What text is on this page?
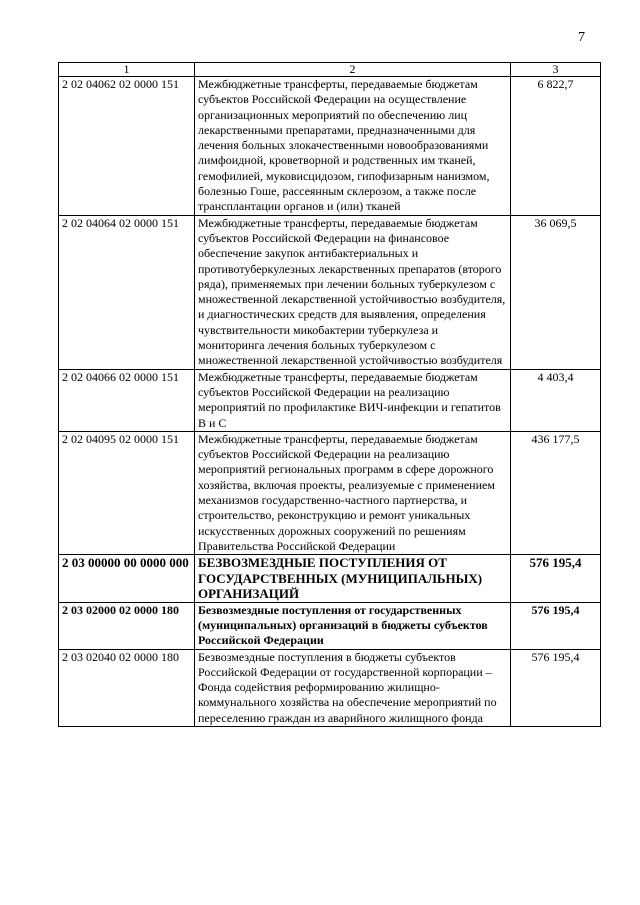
7
1	2	3
2 02 04062 02 0000 151	Межбюджетные трансферты, передаваемые бюджетам субъектов Российской Федерации на осуществление организационных мероприятий по обеспечению лиц лекарственными препаратами, предназначенными для лечения больных злокачественными новообразованиями лимфоидной, кроветворной и родственных им тканей, гемофилией, муковисцидозом, гипофизарным нанизмом, болезнью Гоше, рассеянным склерозом, а также после трансплантации органов и (или) тканей	6 822,7
2 02 04064 02 0000 151	Межбюджетные трансферты, передаваемые бюджетам субъектов Российской Федерации на финансовое обеспечение закупок антибактериальных и противотуберкулезных лекарственных препаратов (второго ряда), применяемых при лечении больных туберкулезом с множественной лекарственной устойчивостью возбудителя, и диагностических средств для выявления, определения чувствительности микобактерии туберкулеза и мониторинга лечения больных туберкулезом с множественной лекарственной устойчивостью возбудителя	36 069,5
2 02 04066 02 0000 151	Межбюджетные трансферты, передаваемые бюджетам субъектов Российской Федерации на реализацию мероприятий по профилактике ВИЧ-инфекции и гепатитов В и С	4 403,4
2 02 04095 02 0000 151	Межбюджетные трансферты, передаваемые бюджетам субъектов Российской Федерации на реализацию мероприятий региональных программ в сфере дорожного хозяйства, включая проекты, реализуемые с применением механизмов государственно-частного партнерства, и строительство, реконструкцию и ремонт уникальных искусственных дорожных сооружений по решениям Правительства Российской Федерации	436 177,5
2 03 00000 00 0000 000	БЕЗВОЗМЕЗДНЫЕ ПОСТУПЛЕНИЯ ОТ ГОСУДАРСТВЕННЫХ (МУНИЦИПАЛЬНЫХ) ОРГАНИЗАЦИЙ	576 195,4
2 03 02000 02 0000 180	Безвозмездные поступления от государственных (муниципальных) организаций в бюджеты субъектов Российской Федерации	576 195,4
2 03 02040 02 0000 180	Безвозмездные поступления в бюджеты субъектов Российской Федерации от государственной корпорации – Фонда содействия реформированию жилищно-коммунального хозяйства на обеспечение мероприятий по переселению граждан из аварийного жилищного фонда	576 195,4
